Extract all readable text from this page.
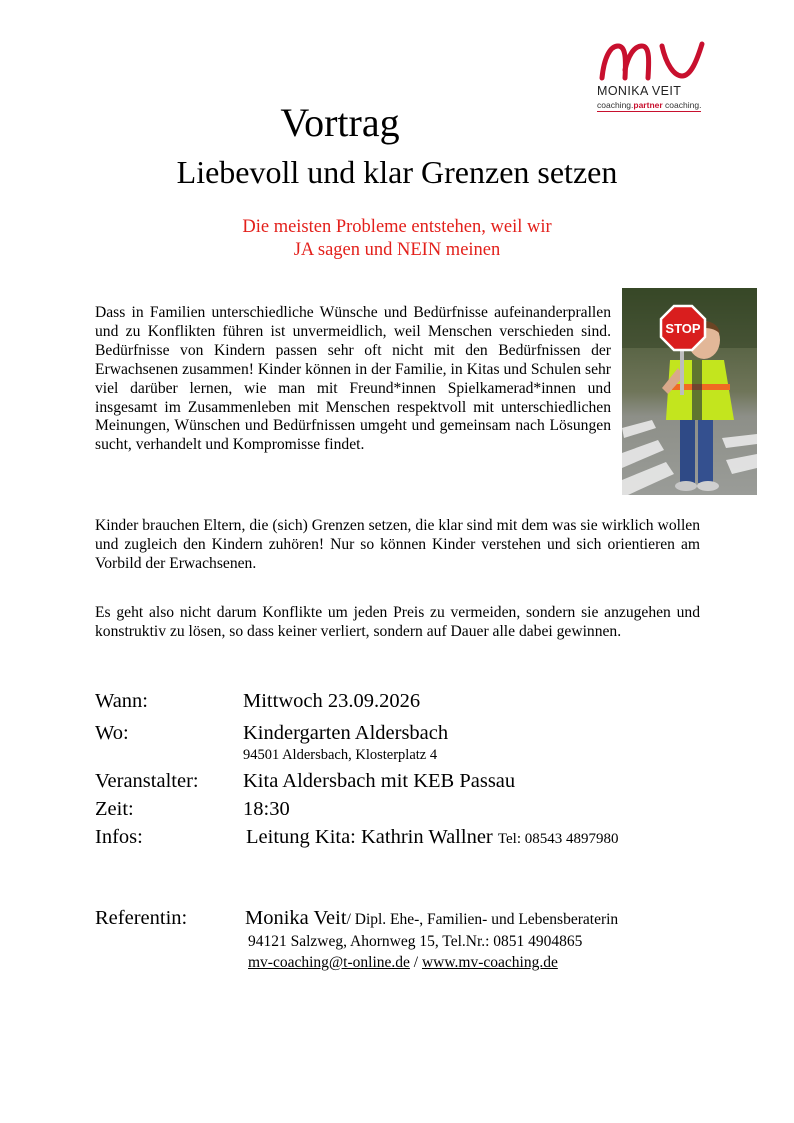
MONIKA VEIT
coaching.partner coaching.
Vortrag
Liebevoll und klar Grenzen setzen
Die meisten Probleme entstehen, weil wir
JA sagen und NEIN meinen
STOP
Dass in Familien unterschiedliche Wünsche und Bedürfnisse aufeinanderprallen und zu Konflikten führen ist unvermeidlich, weil Menschen verschieden sind. Bedürfnisse von Kindern passen sehr oft nicht mit den Bedürfnissen der Erwachsenen zusammen! Kinder können in der Familie, in Kitas und Schulen sehr viel darüber lernen, wie man mit Freund*innen Spielkamerad*innen und insgesamt im Zusammenleben mit Menschen respektvoll mit unterschiedlichen Meinungen, Wünschen und Bedürfnissen umgeht und gemeinsam nach Lösungen sucht, verhandelt und Kompromisse findet.
Kinder brauchen Eltern, die (sich) Grenzen setzen, die klar sind mit dem was sie wirklich wollen und zugleich den Kindern zuhören! Nur so können Kinder verstehen und sich orientieren am Vorbild der Erwachsenen.
Es geht also nicht darum Konflikte um jeden Preis zu vermeiden, sondern sie anzugehen und konstruktiv zu lösen, so dass keiner verliert, sondern auf Dauer alle dabei gewinnen.
Wann:	Mittwoch 23.09.2026
Wo:	Kindergarten Aldersbach
94501 Aldersbach, Klosterplatz 4
Veranstalter: Kita Aldersbach mit KEB Passau
Zeit:	18:30
Infos:	Leitung Kita: Kathrin Wallner Tel: 08543 4897980
Referentin:	Monika Veit/ Dipl. Ehe-, Familien- und Lebensberaterin
94121 Salzweg, Ahornweg 15, Tel.Nr.: 0851 4904865
mv-coaching@t-online.de / www.mv-coaching.de
